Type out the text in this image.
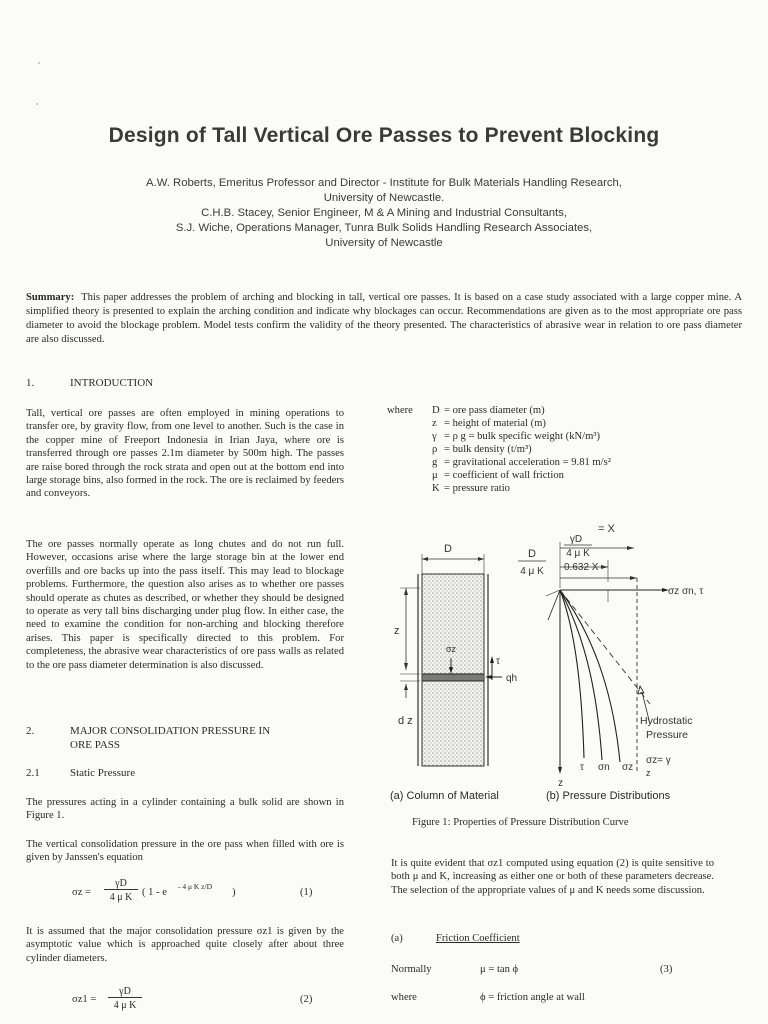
Design of Tall Vertical Ore Passes to Prevent Blocking
A.W. Roberts, Emeritus Professor and Director - Institute for Bulk Materials Handling Research,
University of Newcastle.
C.H.B. Stacey, Senior Engineer, M & A Mining and Industrial Consultants,
S.J. Wiche, Operations Manager, Tunra Bulk Solids Handling Research Associates,
University of Newcastle
Summary: This paper addresses the problem of arching and blocking in tall, vertical ore passes. It is based on a case study associated with a large copper mine. A simplified theory is presented to explain the arching condition and indicate why blockages can occur. Recommendations are given as to the most appropriate ore pass diameter to avoid the blockage problem. Model tests confirm the validity of the theory presented. The characteristics of abrasive wear in relation to ore pass diameter are also discussed.
1.	INTRODUCTION
Tall, vertical ore passes are often employed in mining operations to transfer ore, by gravity flow, from one level to another. Such is the case in the copper mine of Freeport Indonesia in Irian Jaya, where ore is transferred through ore passes 2.1m diameter by 500m high. The passes are raise bored through the rock strata and open out at the bottom end into large storage bins, also formed in the rock. The ore is reclaimed by feeders and conveyors.
The ore passes normally operate as long chutes and do not run full. However, occasions arise where the large storage bin at the lower end overfills and ore backs up into the pass itself. This may lead to blockage problems. Furthermore, the question also arises as to whether ore passes should operate as chutes as described, or whether they should be designed to operate as very tall bins discharging under plug flow. In either case, the need to examine the condition for non-arching and blocking therefore arises. This paper is specifically directed to this problem. For completeness, the abrasive wear characteristics of ore pass walls as related to the ore pass diameter determination is also discussed.
2.	MAJOR CONSOLIDATION PRESSURE IN
ORE PASS
2.1	Static Pressure
The pressures acting in a cylinder containing a bulk solid are shown in Figure 1.
The vertical consolidation pressure in the ore pass when filled with ore is given by Janssen's equation
σz =
γD
4 μ K ( 1 - e
- 4 μ K z/D
)	(1)
It is assumed that the major consolidation pressure σz1 is given by the asymptotic value which is approached quite closely after about three cylinder diameters.
σz1 =
γD
4 μ K
(2)
where	D	= ore pass diameter (m)
	z	= height of material (m)
	γ	= ρ g = bulk specific weight (kN/m³)
	ρ	= bulk density (t/m³)
	g	= gravitational acceleration = 9.81 m/s²
	μ	= coefficient of wall friction
	K	= pressure ratio
D
z
d z
σz
τ
qh
γD
4 μ K
= X
D
4 μ K 0.632 X
σz σn, τ
Hydrostatic
Pressure
σz= γ
z
τ σn σz
z
(a) Column of Material	(b) Pressure Distributions
Figure 1: Properties of Pressure Distribution Curve
It is quite evident that σz1 computed using equation (2) is quite sensitive to both μ and K, increasing as either one or both of these parameters decrease. The selection of the appropriate values of μ and K needs some discussion.
(a)	Friction Coefficient
Normally	μ = tan ϕ	(3)
where	ϕ = friction angle at wall
